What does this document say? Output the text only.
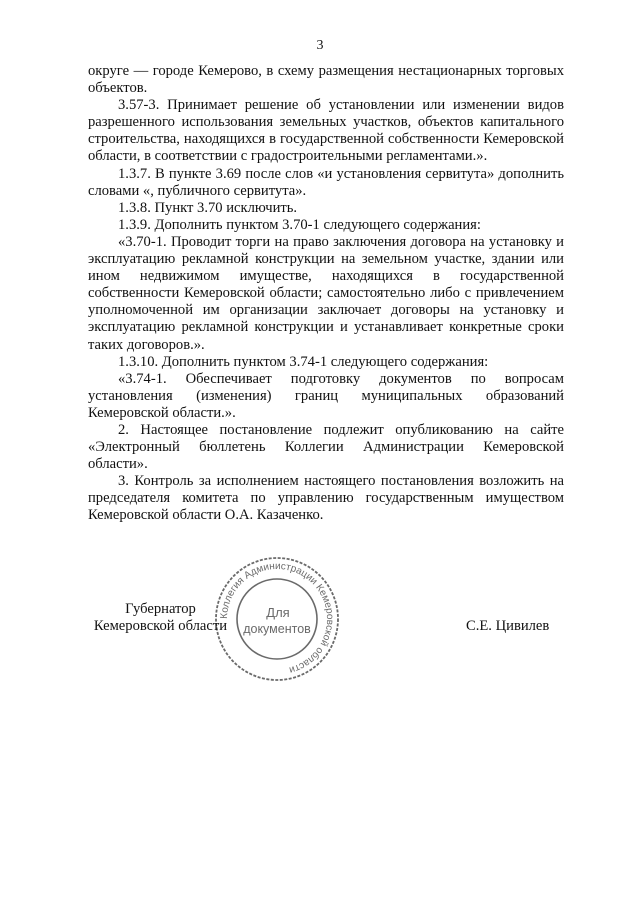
3

округе — городе Кемерово, в схему размещения нестационарных торговых объектов.

3.57-3. Принимает решение об установлении или изменении видов разрешенного использования земельных участков, объектов капитального строительства, находящихся в государственной собственности Кемеровской области, в соответствии с градостроительными регламентами.».

1.3.7. В пункте 3.69 после слов «и установления сервитута» дополнить словами «, публичного сервитута».

1.3.8. Пункт 3.70 исключить.

1.3.9. Дополнить пунктом 3.70-1 следующего содержания:

«3.70-1. Проводит торги на право заключения договора на установку и эксплуатацию рекламной конструкции на земельном участке, здании или ином недвижимом имуществе, находящихся в государственной собственности Кемеровской области; самостоятельно либо с привлечением уполномоченной им организации заключает договоры на установку и эксплуатацию рекламной конструкции и устанавливает конкретные сроки таких договоров.».

1.3.10. Дополнить пунктом 3.74-1 следующего содержания:

«3.74-1. Обеспечивает подготовку документов по вопросам установления (изменения) границ муниципальных образований Кемеровской области.».

2. Настоящее постановление подлежит опубликованию на сайте «Электронный бюллетень Коллегии Администрации Кемеровской области».

3. Контроль за исполнением настоящего постановления возложить на председателя комитета по управлению государственным имуществом Кемеровской области О.А. Казаченко.

Коллегия Администрации Кемеровской области
Для
документов
Губернатор
Кемеровской области	С.Е. Цивилев
